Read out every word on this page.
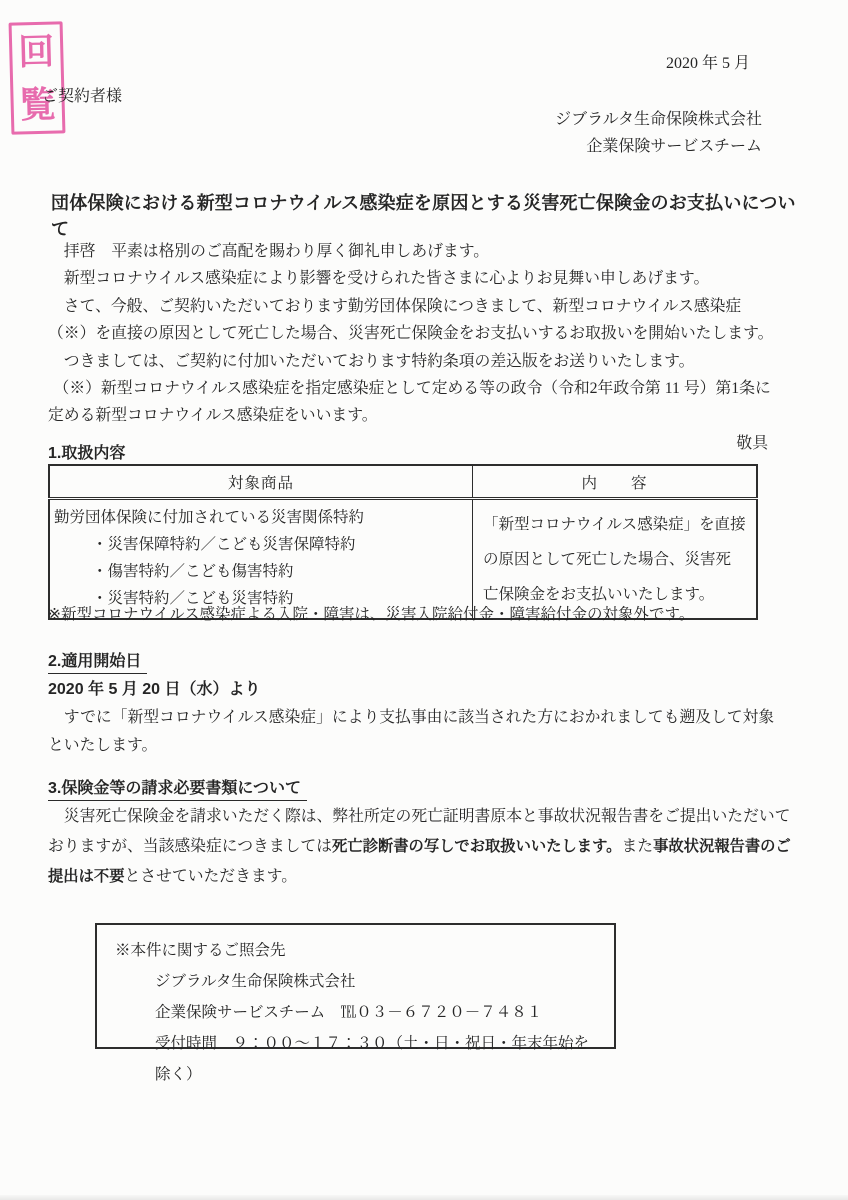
回
覧
2020 年 5 月
ご契約者様
ジブラルタ生命保険株式会社
企業保険サービスチーム
団体保険における新型コロナウイルス感染症を原因とする災害死亡保険金のお支払いについて

拝啓　平素は格別のご高配を賜わり厚く御礼申しあげます。

新型コロナウイルス感染症により影響を受けられた皆さまに心よりお見舞い申しあげます。

さて、今般、ご契約いただいております勤労団体保険につきまして、新型コロナウイルス感染症（※）を直接の原因として死亡した場合、災害死亡保険金をお支払いするお取扱いを開始いたします。

つきましては、ご契約に付加いただいております特約条項の差込版をお送りいたします。

（※）新型コロナウイルス感染症を指定感染症として定める等の政令（令和2年政令第 11 号）第1条に定める新型コロナウイルス感染症をいいます。

敬具

1.取扱内容
対象商品	内　　容

勤労団体保険に付加されている災害関係特約
・災害保障特約／こども災害保障特約
・傷害特約／こども傷害特約
・災害特約／こども災害特約	「新型コロナウイルス感染症」を直接の原因として死亡した場合、災害死亡保険金をお支払いいたします。
※新型コロナウイルス感染症よる入院・障害は、災害入院給付金・障害給付金の対象外です。
2.適用開始日
2020 年 5 月 20 日（水）より

すでに「新型コロナウイルス感染症」により支払事由に該当された方におかれましても遡及して対象といたします。

3.保険金等の請求必要書類について

災害死亡保険金を請求いただく際は、弊社所定の死亡証明書原本と事故状況報告書をご提出いただいておりますが、当該感染症につきましては死亡診断書の写しでお取扱いいたします。また事故状況報告書のご提出は不要とさせていただきます。

※本件に関するご照会先
ジブラルタ生命保険株式会社
企業保険サービスチーム　℡０３－６７２０－７４８１
受付時間　９：００～１７：３０（土・日・祝日・年末年始を除く）
